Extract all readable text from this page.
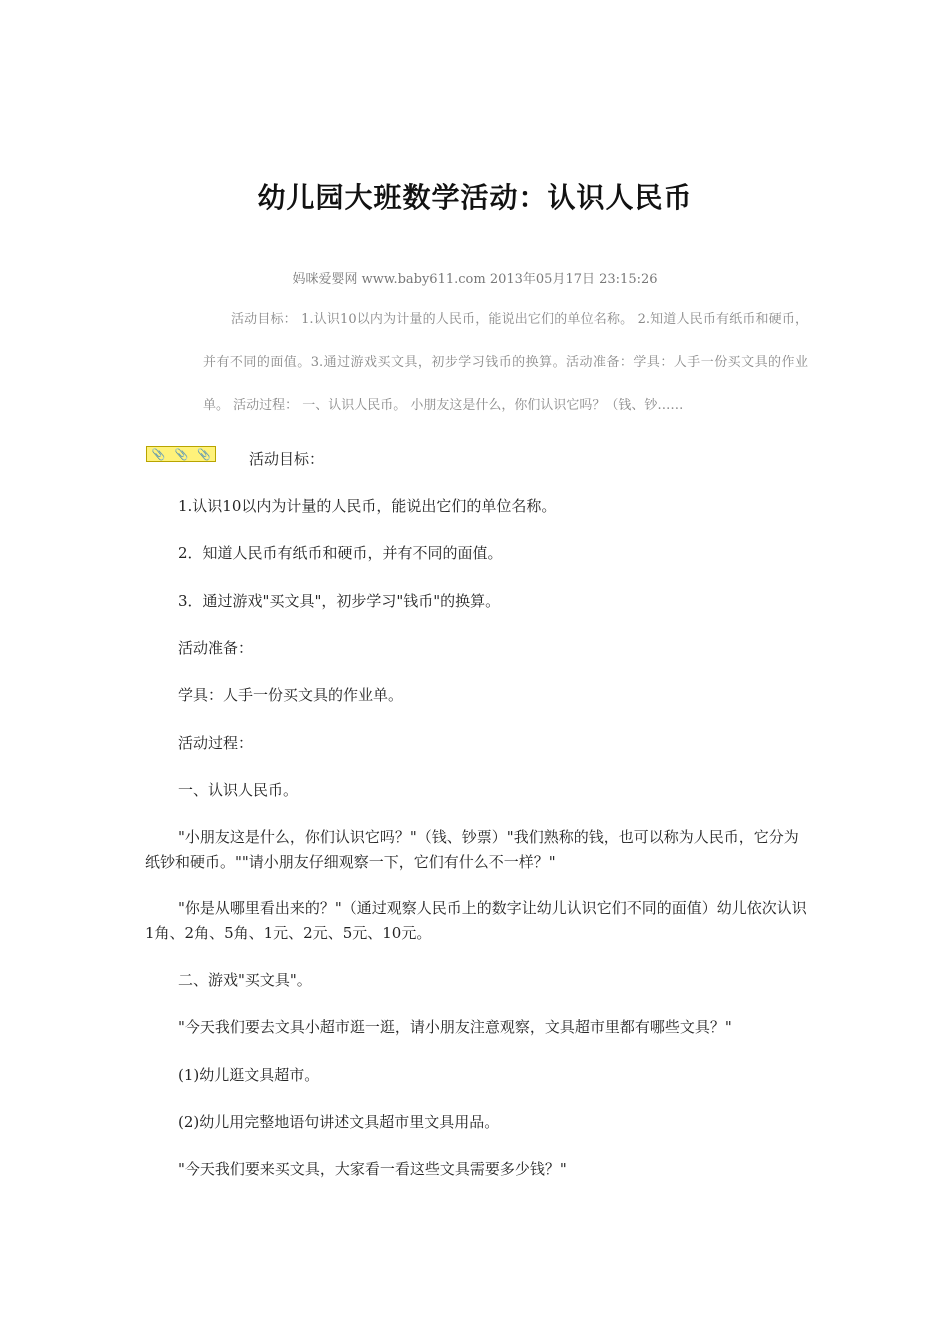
幼儿园大班数学活动：认识人民币
妈咪爱婴网 www.baby611.com 2013年05月17日 23:15:26

活动目标： 1.认识10以内为计量的人民币，能说出它们的单位名称。 2.知道人民币有纸币和硬币，并有不同的面值。3.通过游戏买文具，初步学习钱币的换算。活动准备：学具：人手一份买文具的作业单。 活动过程： 一、认识人民币。 小朋友这是什么，你们认识它吗？（钱、钞……

📎 📎 📎	活动目标：

1.认识10以内为计量的人民币，能说出它们的单位名称。

2．知道人民币有纸币和硬币，并有不同的面值。

3．通过游戏"买文具"，初步学习"钱币"的换算。

活动准备：

学具：人手一份买文具的作业单。

活动过程：

一、认识人民币。

"小朋友这是什么，你们认识它吗？"（钱、钞票）"我们熟称的钱，也可以称为人民币，它分为纸钞和硬币。""请小朋友仔细观察一下，它们有什么不一样？"

"你是从哪里看出来的？"（通过观察人民币上的数字让幼儿认识它们不同的面值）幼儿依次认识1角、2角、5角、1元、2元、5元、10元。

二、游戏"买文具"。

"今天我们要去文具小超市逛一逛，请小朋友注意观察，文具超市里都有哪些文具？"

(1)幼儿逛文具超市。

(2)幼儿用完整地语句讲述文具超市里文具用品。

"今天我们要来买文具，大家看一看这些文具需要多少钱？"
